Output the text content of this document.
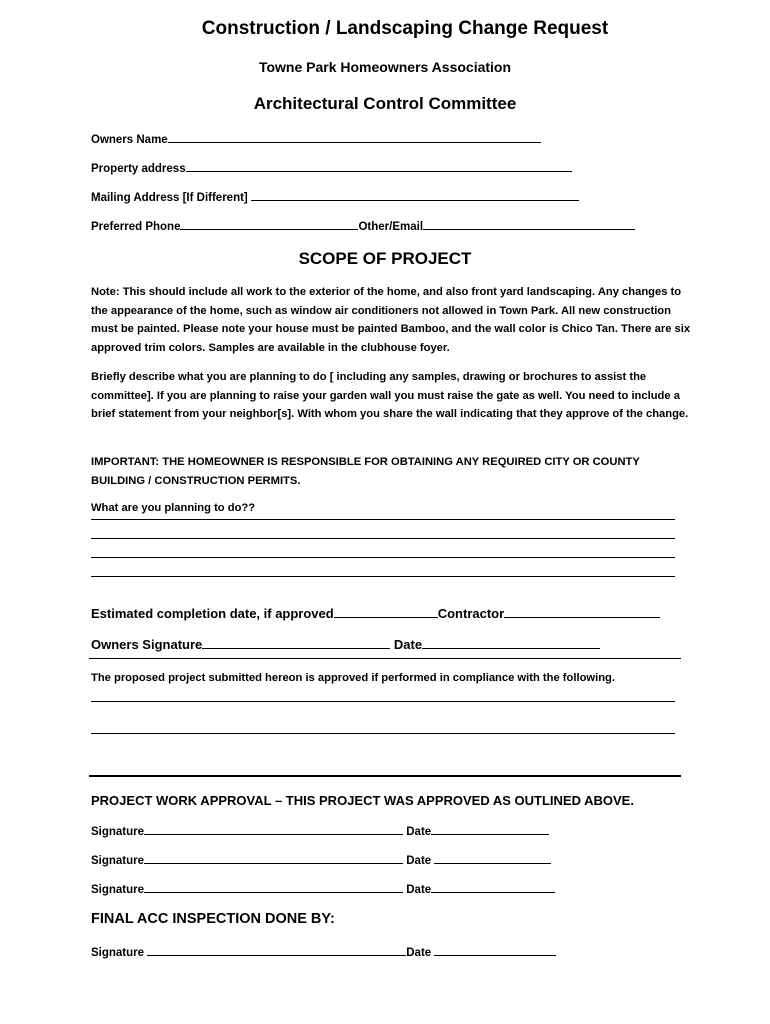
Construction / Landscaping Change Request
Towne Park Homeowners Association
Architectural Control Committee
Owners Name
Property address
Mailing Address [If Different]
Preferred Phone	Other/Email
SCOPE OF PROJECT
Note: This should include all work to the exterior of the home, and also front yard landscaping. Any changes to the appearance of the home, such as window air conditioners not allowed in Town Park. All new construction must be painted. Please note your house must be painted Bamboo, and the wall color is Chico Tan. There are six approved trim colors. Samples are available in the clubhouse foyer.
Briefly describe what you are planning to do [ including any samples, drawing or brochures to assist the committee]. If you are planning to raise your garden wall you must raise the gate as well. You need to include a brief statement from your neighbor[s]. With whom you share the wall indicating that they approve of the change.
IMPORTANT: THE HOMEOWNER IS RESPONSIBLE FOR OBTAINING ANY REQUIRED CITY OR COUNTY BUILDING / CONSTRUCTION PERMITS.
What are you planning to do??
Estimated completion date, if approved	Contractor
Owners Signature	Date
The proposed project submitted hereon is approved if performed in compliance with the following.
PROJECT WORK APPROVAL – THIS PROJECT WAS APPROVED AS OUTLINED ABOVE.
Signature	Date
Signature	Date
Signature	Date
FINAL ACC INSPECTION DONE BY:
Signature	Date
